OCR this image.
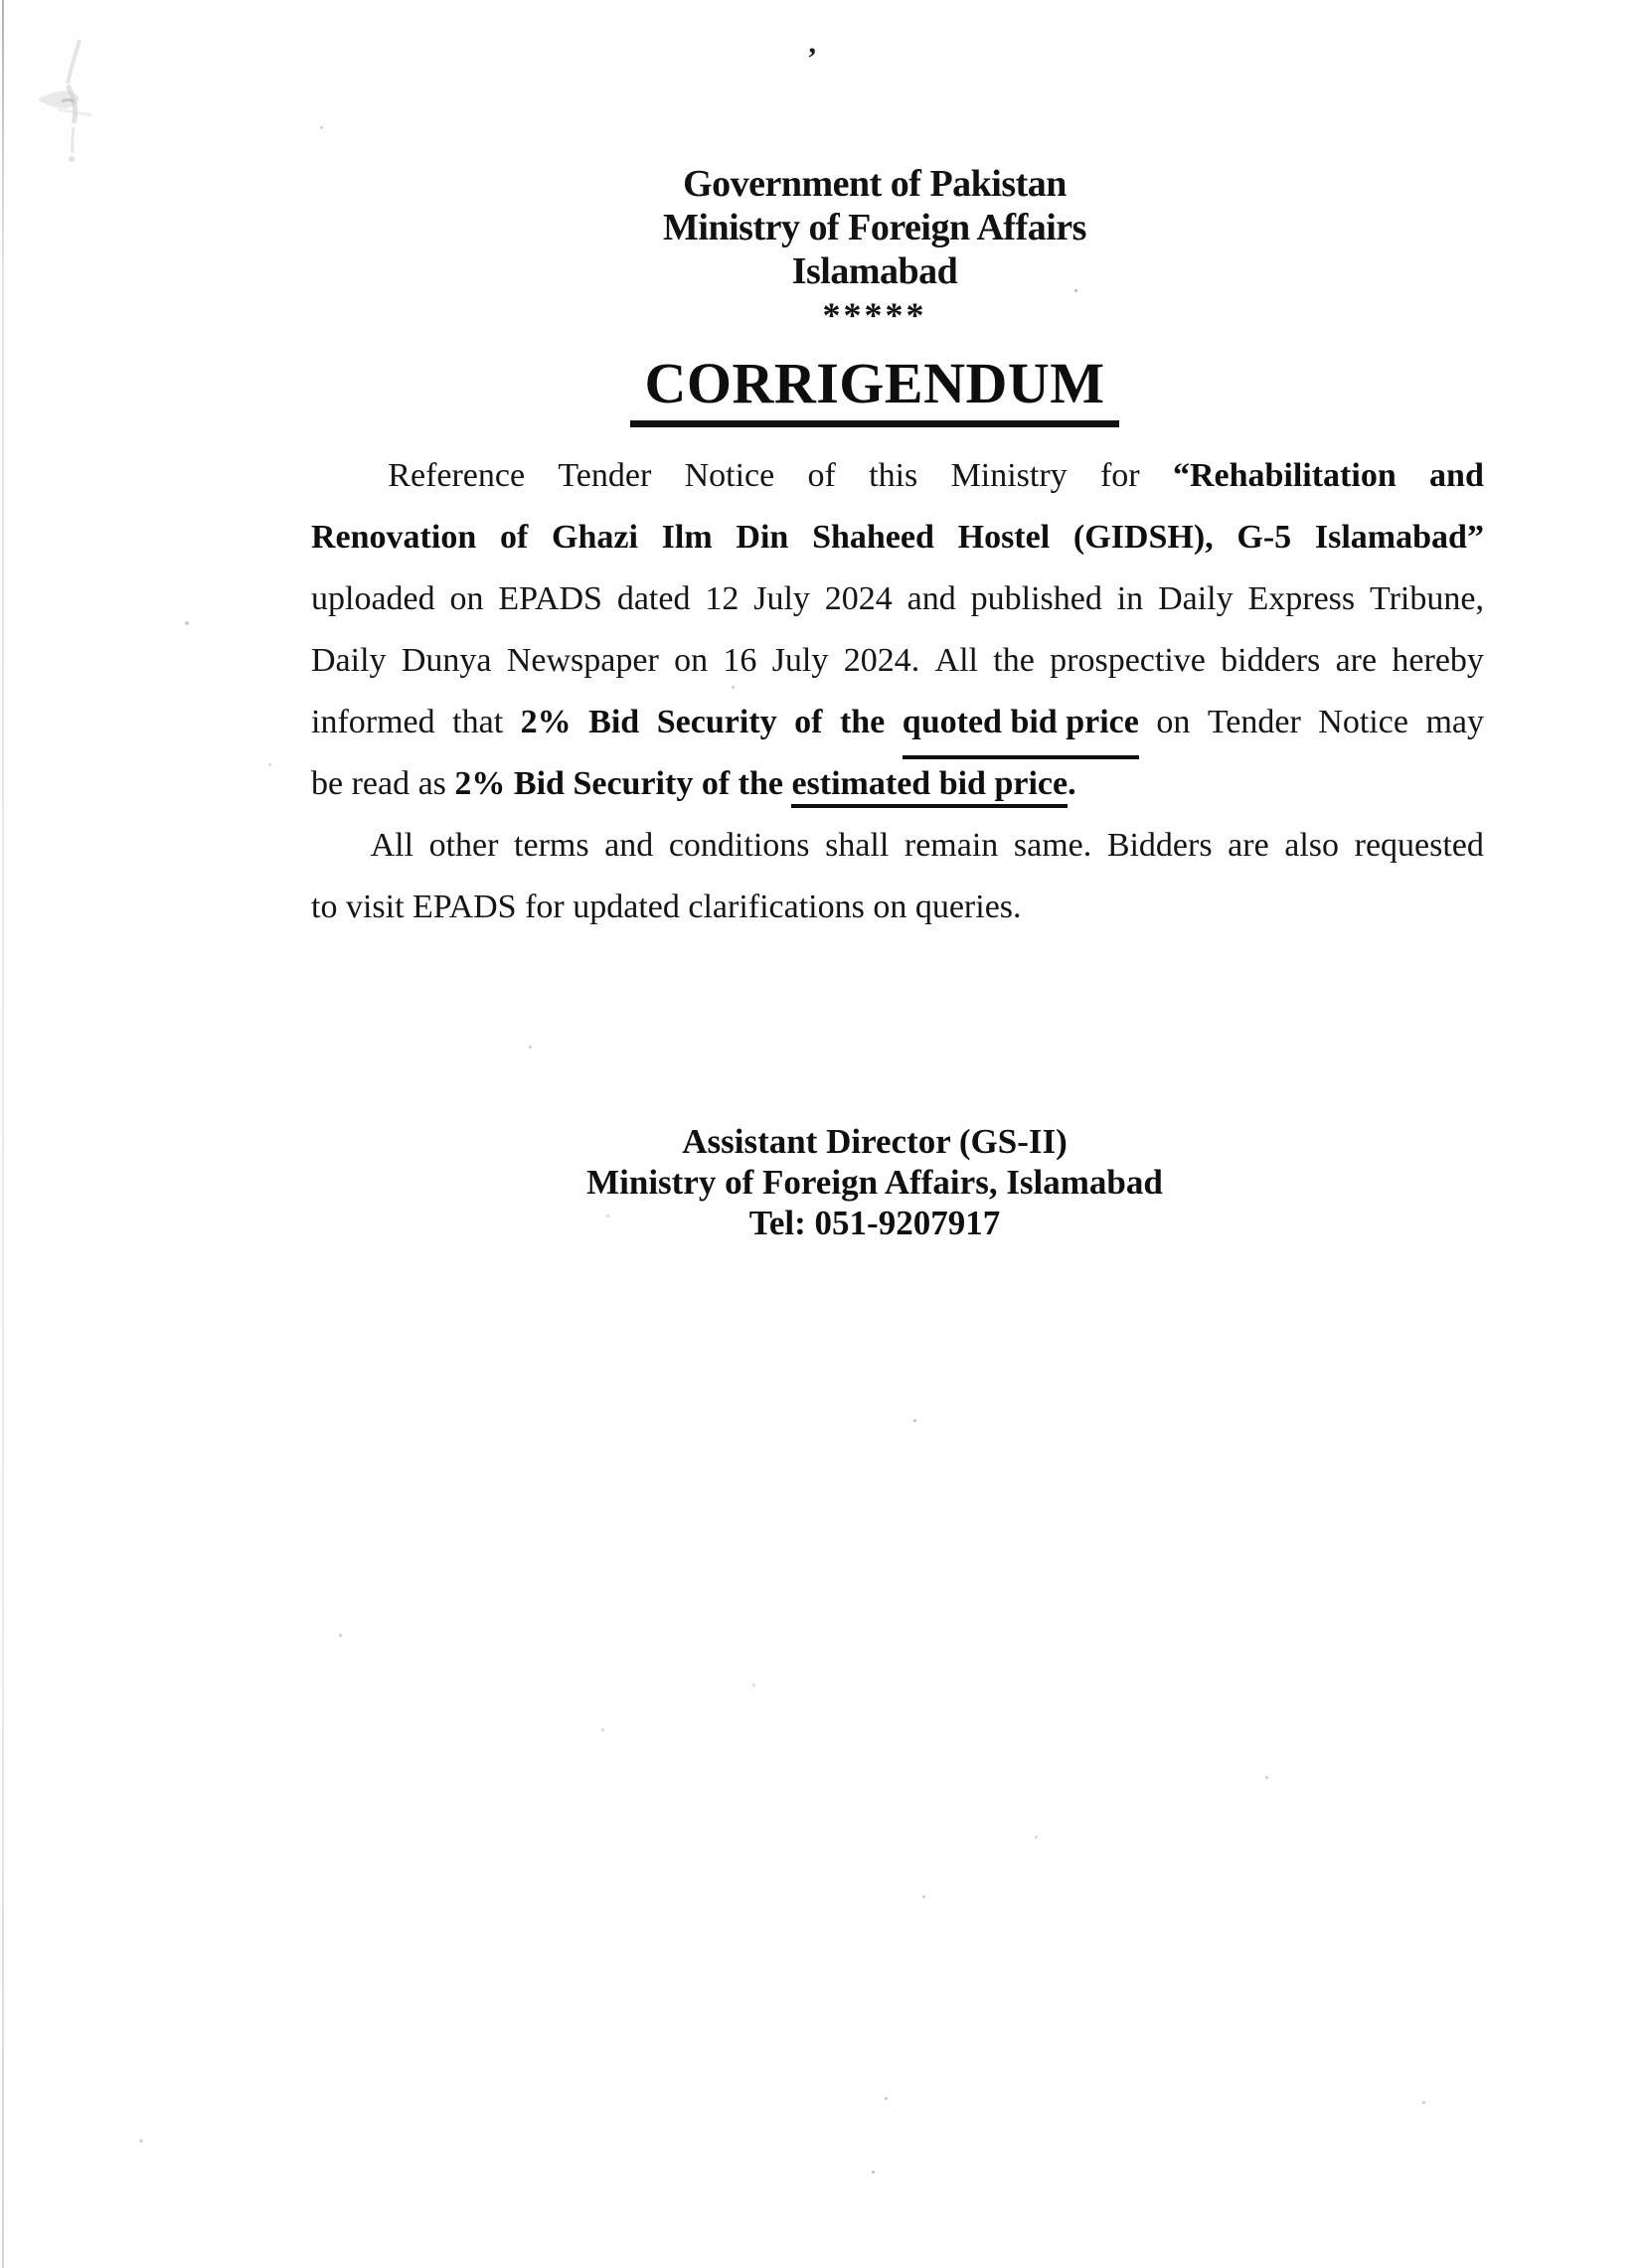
’
Government of Pakistan
Ministry of Foreign Affairs
Islamabad
*****
CORRIGENDUM
Reference Tender Notice of this Ministry for “Rehabilitation and
Renovation of Ghazi Ilm Din Shaheed Hostel (GIDSH), G-5 Islamabad”
uploaded on EPADS dated 12 July 2024 and published in Daily Express Tribune,
Daily Dunya Newspaper on 16 July 2024. All the prospective bidders are hereby
informed that 2% Bid Security of the quoted bid price on Tender Notice may
be read as 2% Bid Security of the estimated bid price.
All other terms and conditions shall remain same. Bidders are also requested
to visit EPADS for updated clarifications on queries.
Assistant Director (GS-II)
Ministry of Foreign Affairs, Islamabad
Tel: 051-9207917
